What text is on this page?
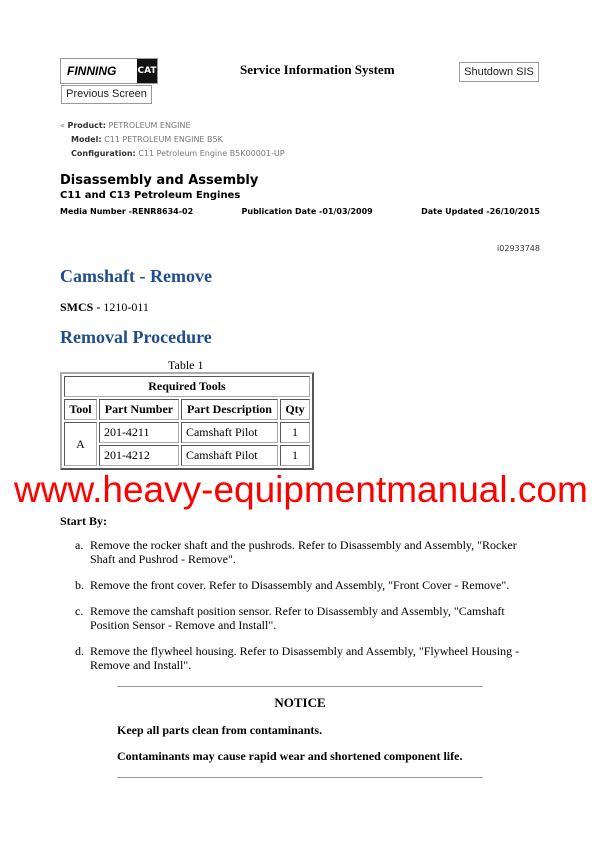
FINNING CAT	Service Information System	Shutdown SIS
Previous Screen
« Product: PETROLEUM ENGINE
Model: C11 PETROLEUM ENGINE B5K
Configuration: C11 Petroleum Engine B5K00001-UP
Disassembly and Assembly
C11 and C13 Petroleum Engines
Media Number -RENR8634-02	Publication Date -01/03/2009	Date Updated -26/10/2015
i02933748
Camshaft - Remove
SMCS - 1210-011
Removal Procedure
Table 1
Required Tools			
Tool	Part Number	Part Description	Qty
A	201-4211	Camshaft Pilot	1
	201-4212	Camshaft Pilot	1
www.heavy-equipmentmanual.com
Start By:
a. Remove the rocker shaft and the pushrods. Refer to Disassembly and Assembly, "Rocker Shaft and Pushrod - Remove".
b. Remove the front cover. Refer to Disassembly and Assembly, "Front Cover - Remove".
c. Remove the camshaft position sensor. Refer to Disassembly and Assembly, "Camshaft Position Sensor - Remove and Install".
d. Remove the flywheel housing. Refer to Disassembly and Assembly, "Flywheel Housing - Remove and Install".
NOTICE
Keep all parts clean from contaminants.
Contaminants may cause rapid wear and shortened component life.
